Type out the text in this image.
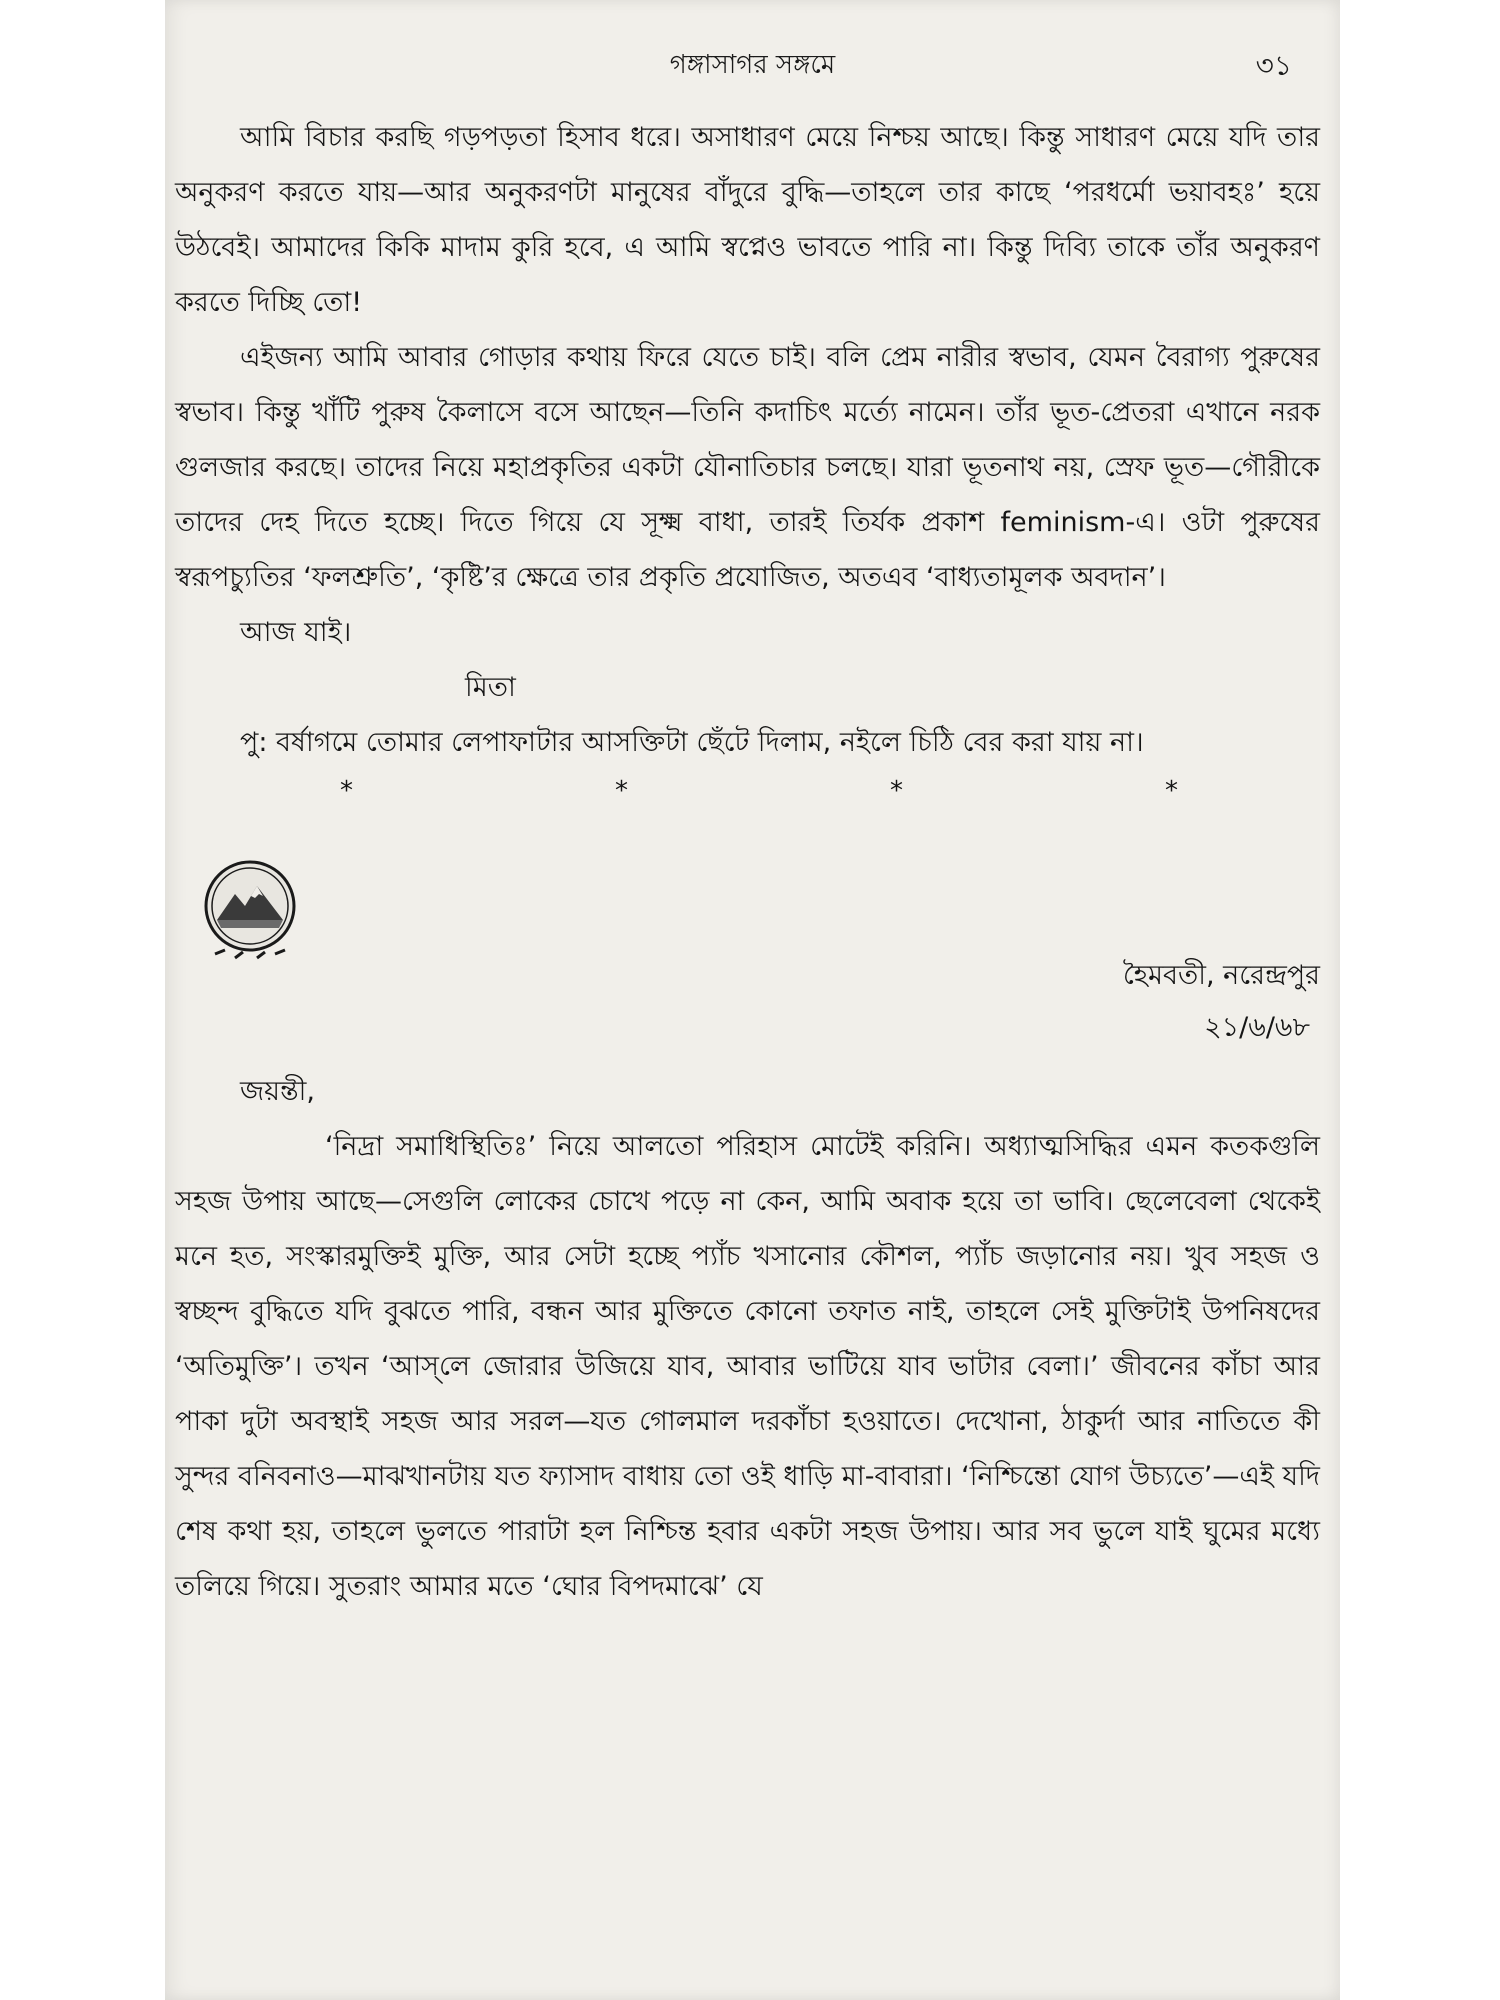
গঙ্গাসাগর সঙ্গমে	৩১

আমি বিচার করছি গড়পড়তা হিসাব ধরে। অসাধারণ মেয়ে নিশ্চয় আছে। কিন্তু সাধারণ মেয়ে যদি তার অনুকরণ করতে যায়—আর অনুকরণটা মানুষের বাঁদুরে বুদ্ধি—তাহলে তার কাছে ‘পরধর্মো ভয়াবহঃ’ হয়ে উঠবেই। আমাদের কিকি মাদাম কুরি হবে, এ আমি স্বপ্নেও ভাবতে পারি না। কিন্তু দিব্যি তাকে তাঁর অনুকরণ করতে দিচ্ছি তো!

এইজন্য আমি আবার গোড়ার কথায় ফিরে যেতে চাই। বলি প্রেম নারীর স্বভাব, যেমন বৈরাগ্য পুরুষের স্বভাব। কিন্তু খাঁটি পুরুষ কৈলাসে বসে আছেন—তিনি কদাচিৎ মর্ত্যে নামেন। তাঁর ভূত-প্রেতরা এখানে নরক গুলজার করছে। তাদের নিয়ে মহাপ্রকৃতির একটা যৌনাতিচার চলছে। যারা ভূতনাথ নয়, স্রেফ ভূত—গৌরীকে তাদের দেহ দিতে হচ্ছে। দিতে গিয়ে যে সূক্ষ্ম বাধা, তারই তির্যক প্রকাশ feminism-এ। ওটা পুরুষের স্বরূপচ্যুতির ‘ফলশ্রুতি’, ‘কৃষ্টি’র ক্ষেত্রে তার প্রকৃতি প্রযোজিত, অতএব ‘বাধ্যতামূলক অবদান’।

আজ যাই।

মিতা

পু: বর্ষাগমে তোমার লেপাফাটার আসক্তিটা ছেঁটে দিলাম, নইলে চিঠি বের করা যায় না।

*	*	*	*
হৈমবতী, নরেন্দ্রপুর
২১/৬/৬৮

জয়ন্তী,

‘নিদ্রা সমাধিস্থিতিঃ’ নিয়ে আলতো পরিহাস মোটেই করিনি। অধ্যাত্মসিদ্ধির এমন কতকগুলি সহজ উপায় আছে—সেগুলি লোকের চোখে পড়ে না কেন, আমি অবাক হয়ে তা ভাবি। ছেলেবেলা থেকেই মনে হত, সংস্কারমুক্তিই মুক্তি, আর সেটা হচ্ছে প্যাঁচ খসানোর কৌশল, প্যাঁচ জড়ানোর নয়। খুব সহজ ও স্বচ্ছন্দ বুদ্ধিতে যদি বুঝতে পারি, বন্ধন আর মুক্তিতে কোনো তফাত নাই, তাহলে সেই মুক্তিটাই উপনিষদের ‘অতিমুক্তি’। তখন ‘আস্‌লে জোরার উজিয়ে যাব, আবার ভাটিয়ে যাব ভাটার বেলা।’ জীবনের কাঁচা আর পাকা দুটা অবস্থাই সহজ আর সরল—যত গোলমাল দরকাঁচা হওয়াতে। দেখোনা, ঠাকুর্দা আর নাতিতে কী সুন্দর বনিবনাও—মাঝখানটায় যত ফ্যাসাদ বাধায় তো ওই ধাড়ি মা-বাবারা। ‘নিশ্চিন্তো যোগ উচ্যতে’—এই যদি শেষ কথা হয়, তাহলে ভুলতে পারাটা হল নিশ্চিন্ত হবার একটা সহজ উপায়। আর সব ভুলে যাই ঘুমের মধ্যে তলিয়ে গিয়ে। সুতরাং আমার মতে ‘ঘোর বিপদমাঝে’ যে
